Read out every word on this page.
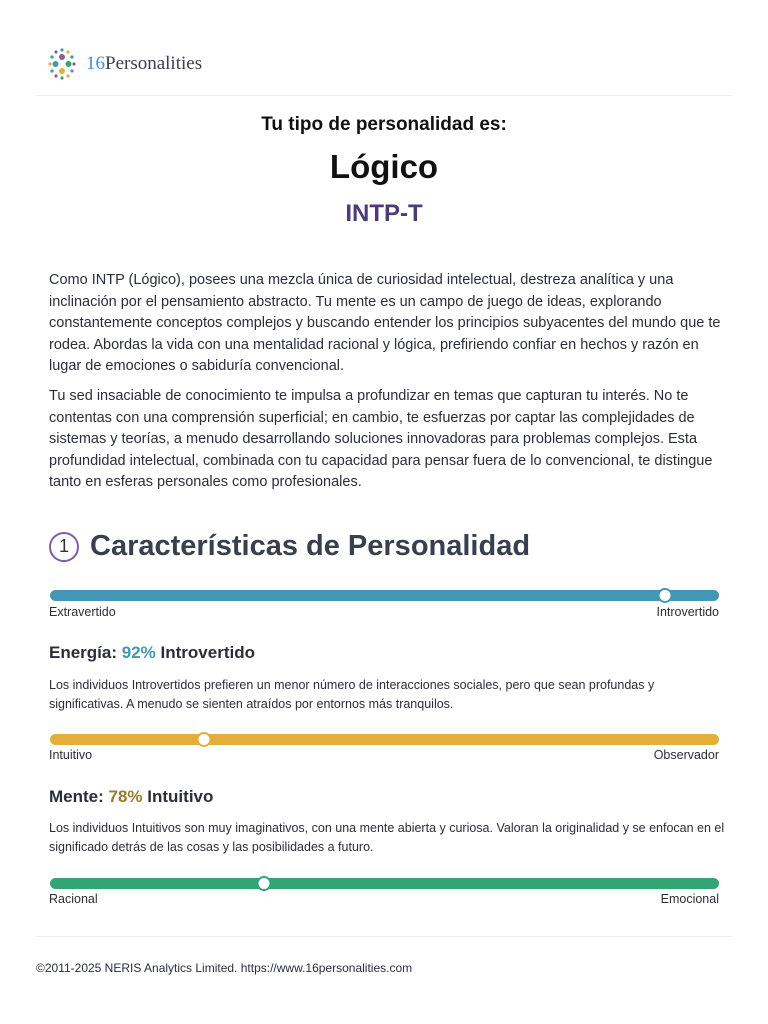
16Personalities
Tu tipo de personalidad es:
Lógico
INTP-T

Como INTP (Lógico), posees una mezcla única de curiosidad intelectual, destreza analítica y una inclinación por el pensamiento abstracto. Tu mente es un campo de juego de ideas, explorando constantemente conceptos complejos y buscando entender los principios subyacentes del mundo que te rodea. Abordas la vida con una mentalidad racional y lógica, prefiriendo confiar en hechos y razón en lugar de emociones o sabiduría convencional.

Tu sed insaciable de conocimiento te impulsa a profundizar en temas que capturan tu interés. No te contentas con una comprensión superficial; en cambio, te esfuerzas por captar las complejidades de sistemas y teorías, a menudo desarrollando soluciones innovadoras para problemas complejos. Esta profundidad intelectual, combinada con tu capacidad para pensar fuera de lo convencional, te distingue tanto en esferas personales como profesionales.

1 Características de Personalidad
Extravertido	Introvertido
Energía: 92% Introvertido

Los individuos Introvertidos prefieren un menor número de interacciones sociales, pero que sean profundas y significativas. A menudo se sienten atraídos por entornos más tranquilos.

Intuitivo	Observador
Mente: 78% Intuitivo

Los individuos Intuitivos son muy imaginativos, con una mente abierta y curiosa. Valoran la originalidad y se enfocan en el significado detrás de las cosas y las posibilidades a futuro.

Racional	Emocional
©2011-2025 NERIS Analytics Limited. https://www.16personalities.com
